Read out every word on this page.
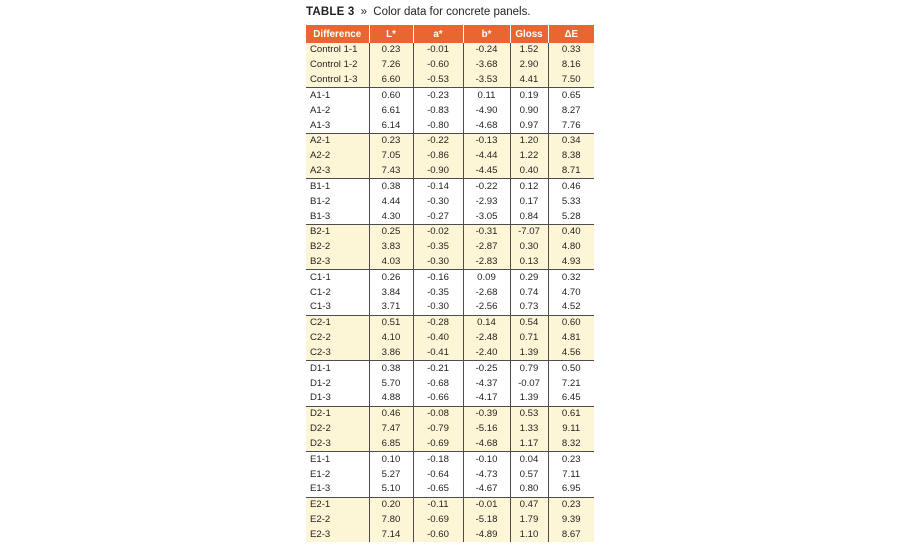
TABLE 3 » Color data for concrete panels.
Difference	L*	a*	b*	Gloss	ΔE
Control 1-1	0.23	-0.01	-0.24	1.52	0.33
Control 1-2	7.26	-0.60	-3.68	2.90	8.16
Control 1-3	6.60	-0.53	-3.53	4.41	7.50
A1-1	0.60	-0.23	0.11	0.19	0.65
A1-2	6.61	-0.83	-4.90	0.90	8.27
A1-3	6.14	-0.80	-4.68	0.97	7.76
A2-1	0.23	-0.22	-0.13	1.20	0.34
A2-2	7.05	-0.86	-4.44	1.22	8.38
A2-3	7.43	-0.90	-4.45	0.40	8.71
B1-1	0.38	-0.14	-0.22	0.12	0.46
B1-2	4.44	-0.30	-2.93	0.17	5.33
B1-3	4.30	-0.27	-3.05	0.84	5.28
B2-1	0.25	-0.02	-0.31	-7.07	0.40
B2-2	3.83	-0.35	-2.87	0.30	4.80
B2-3	4.03	-0.30	-2.83	0.13	4.93
C1-1	0.26	-0.16	0.09	0.29	0.32
C1-2	3.84	-0.35	-2.68	0.74	4.70
C1-3	3.71	-0.30	-2.56	0.73	4.52
C2-1	0.51	-0.28	0.14	0.54	0.60
C2-2	4.10	-0.40	-2.48	0.71	4.81
C2-3	3.86	-0.41	-2.40	1.39	4.56
D1-1	0.38	-0.21	-0.25	0.79	0.50
D1-2	5.70	-0.68	-4.37	-0.07	7.21
D1-3	4.88	-0.66	-4.17	1.39	6.45
D2-1	0.46	-0.08	-0.39	0.53	0.61
D2-2	7.47	-0.79	-5.16	1.33	9.11
D2-3	6.85	-0.69	-4.68	1.17	8.32
E1-1	0.10	-0.18	-0.10	0.04	0.23
E1-2	5.27	-0.64	-4.73	0.57	7.11
E1-3	5.10	-0.65	-4.67	0.80	6.95
E2-1	0.20	-0.11	-0.01	0.47	0.23
E2-2	7.80	-0.69	-5.18	1.79	9.39
E2-3	7.14	-0.60	-4.89	1.10	8.67
